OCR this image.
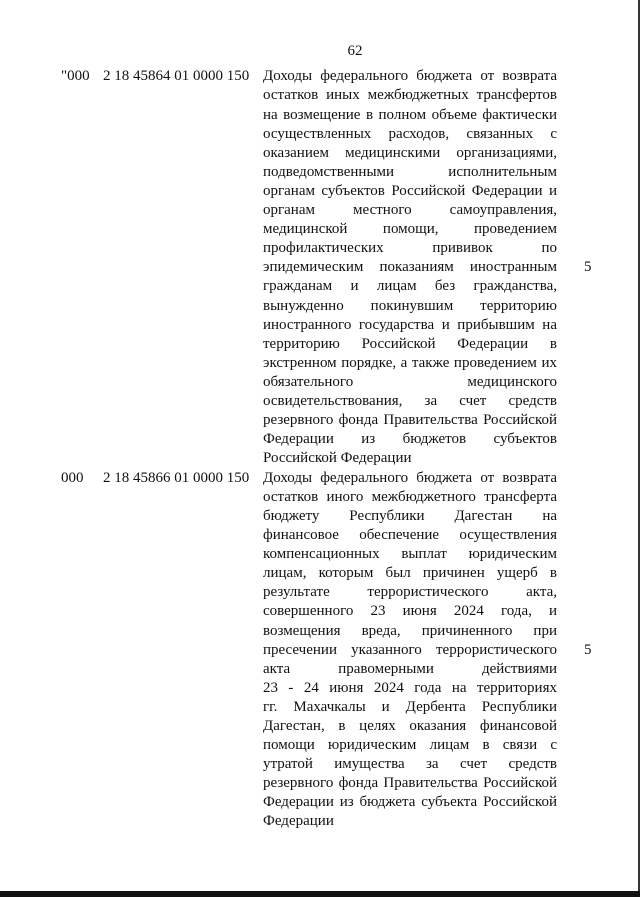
62
"000 2 18 45864 01 0000 150 Доходы федерального бюджета от возврата
остатков иных межбюджетных трансфертов
на возмещение в полном объеме фактически
осуществленных расходов, связанных с
оказанием медицинскими организациями,
подведомственными исполнительным
органам субъектов Российской Федерации и
органам местного самоуправления,
медицинской помощи, проведением
профилактических прививок по
эпидемическим показаниям иностранным
гражданам и лицам без гражданства,
вынужденно покинувшим территорию
иностранного государства и прибывшим на
территорию Российской Федерации в
экстренном порядке, а также проведением их
обязательного медицинского
освидетельствования, за счет средств
резервного фонда Правительства Российской
Федерации из бюджетов субъектов
Российской Федерации
5
000 2 18 45866 01 0000 150 Доходы федерального бюджета от возврата
остатков иного межбюджетного трансферта
бюджету Республики Дагестан на
финансовое обеспечение осуществления
компенсационных выплат юридическим
лицам, которым был причинен ущерб в
результате террористического акта,
совершенного 23 июня 2024 года, и
возмещения вреда, причиненного при
пресечении указанного террористического
акта правомерными действиями
23 - 24 июня 2024 года на территориях
гг. Махачкалы и Дербента Республики
Дагестан, в целях оказания финансовой
помощи юридическим лицам в связи с
утратой имущества за счет средств
резервного фонда Правительства Российской
Федерации из бюджета субъекта Российской
Федерации
5
